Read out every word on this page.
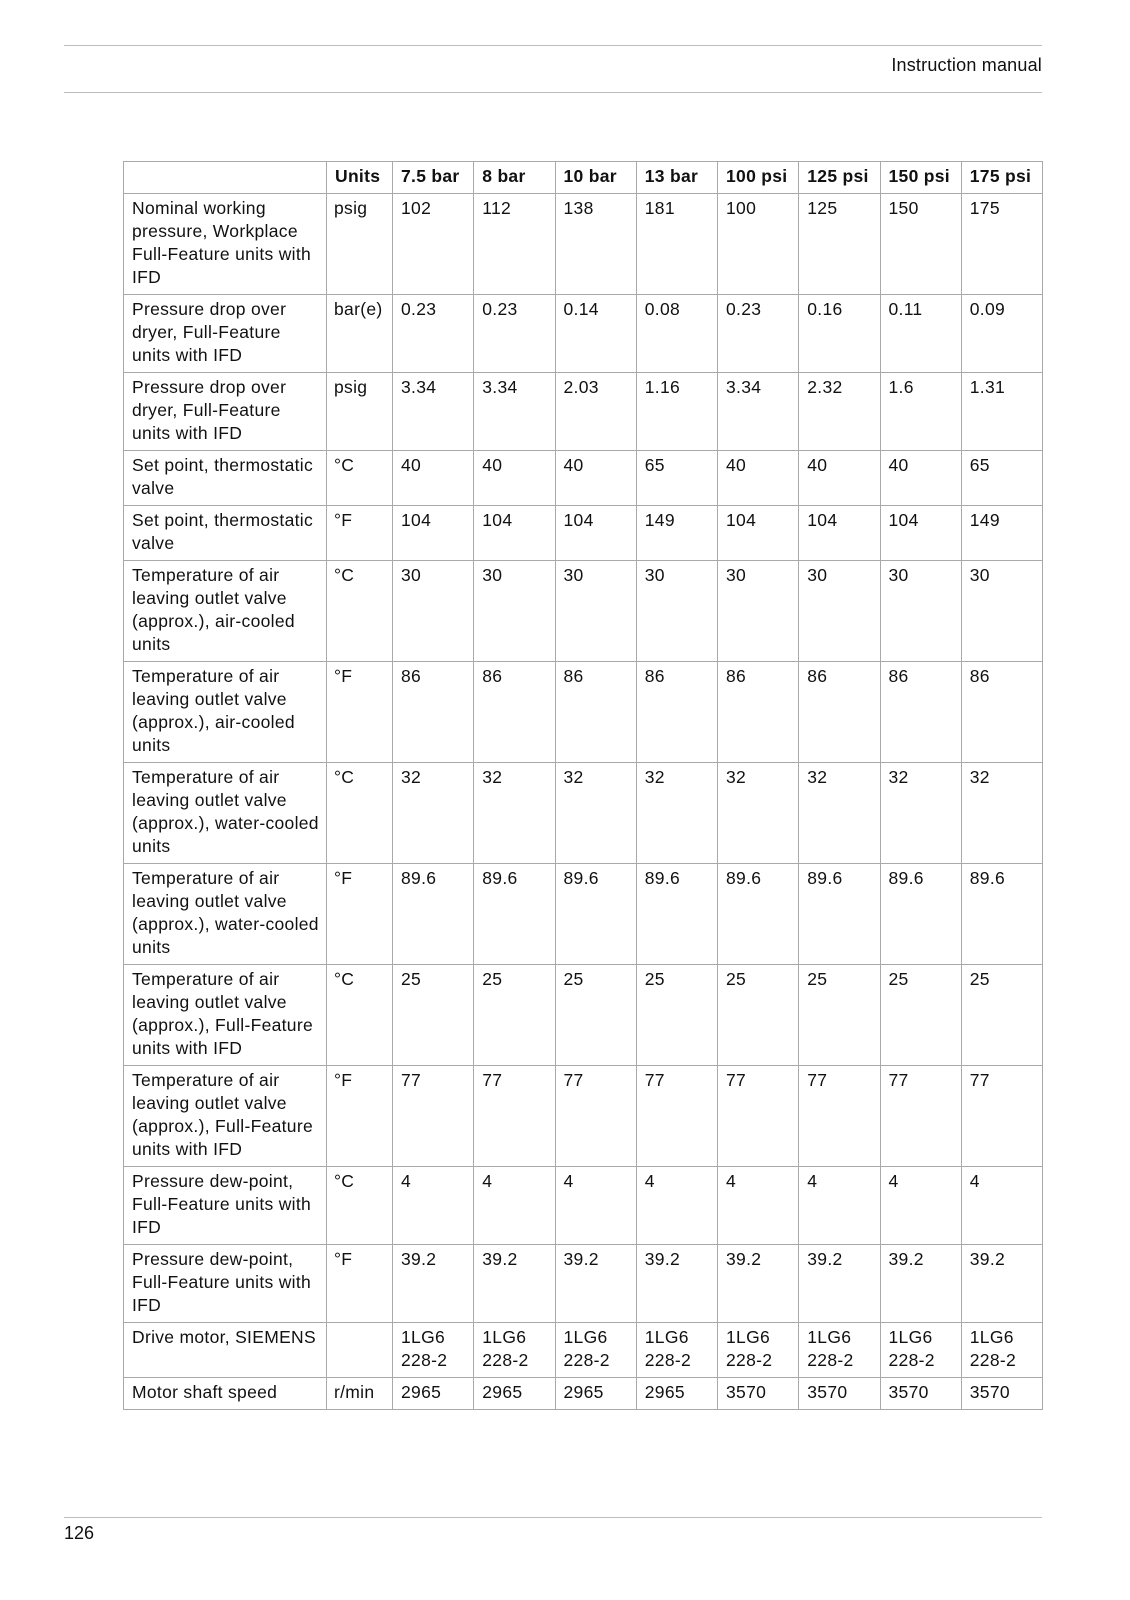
Instruction manual
	Units	7.5 bar	8 bar	10 bar	13 bar	100 psi	125 psi	150 psi	175 psi
Nominal working pressure, Workplace Full-Feature units with IFD	psig	102	112	138	181	100	125	150	175
Pressure drop over dryer, Full-Feature units with IFD	bar(e)	0.23	0.23	0.14	0.08	0.23	0.16	0.11	0.09
Pressure drop over dryer, Full-Feature units with IFD	psig	3.34	3.34	2.03	1.16	3.34	2.32	1.6	1.31
Set point, thermostatic valve	°C	40	40	40	65	40	40	40	65
Set point, thermostatic valve	°F	104	104	104	149	104	104	104	149
Temperature of air leaving outlet valve (approx.), air-cooled units	°C	30	30	30	30	30	30	30	30
Temperature of air leaving outlet valve (approx.), air-cooled units	°F	86	86	86	86	86	86	86	86
Temperature of air leaving outlet valve (approx.), water-cooled units	°C	32	32	32	32	32	32	32	32
Temperature of air leaving outlet valve (approx.), water-cooled units	°F	89.6	89.6	89.6	89.6	89.6	89.6	89.6	89.6
Temperature of air leaving outlet valve (approx.), Full-Feature units with IFD	°C	25	25	25	25	25	25	25	25
Temperature of air leaving outlet valve (approx.), Full-Feature units with IFD	°F	77	77	77	77	77	77	77	77
Pressure dew-point, Full-Feature units with IFD	°C	4	4	4	4	4	4	4	4
Pressure dew-point, Full-Feature units with IFD	°F	39.2	39.2	39.2	39.2	39.2	39.2	39.2	39.2
Drive motor, SIEMENS		1LG6 228-2	1LG6 228-2	1LG6 228-2	1LG6 228-2	1LG6 228-2	1LG6 228-2	1LG6 228-2	1LG6 228-2
Motor shaft speed	r/min	2965	2965	2965	2965	3570	3570	3570	3570
126
